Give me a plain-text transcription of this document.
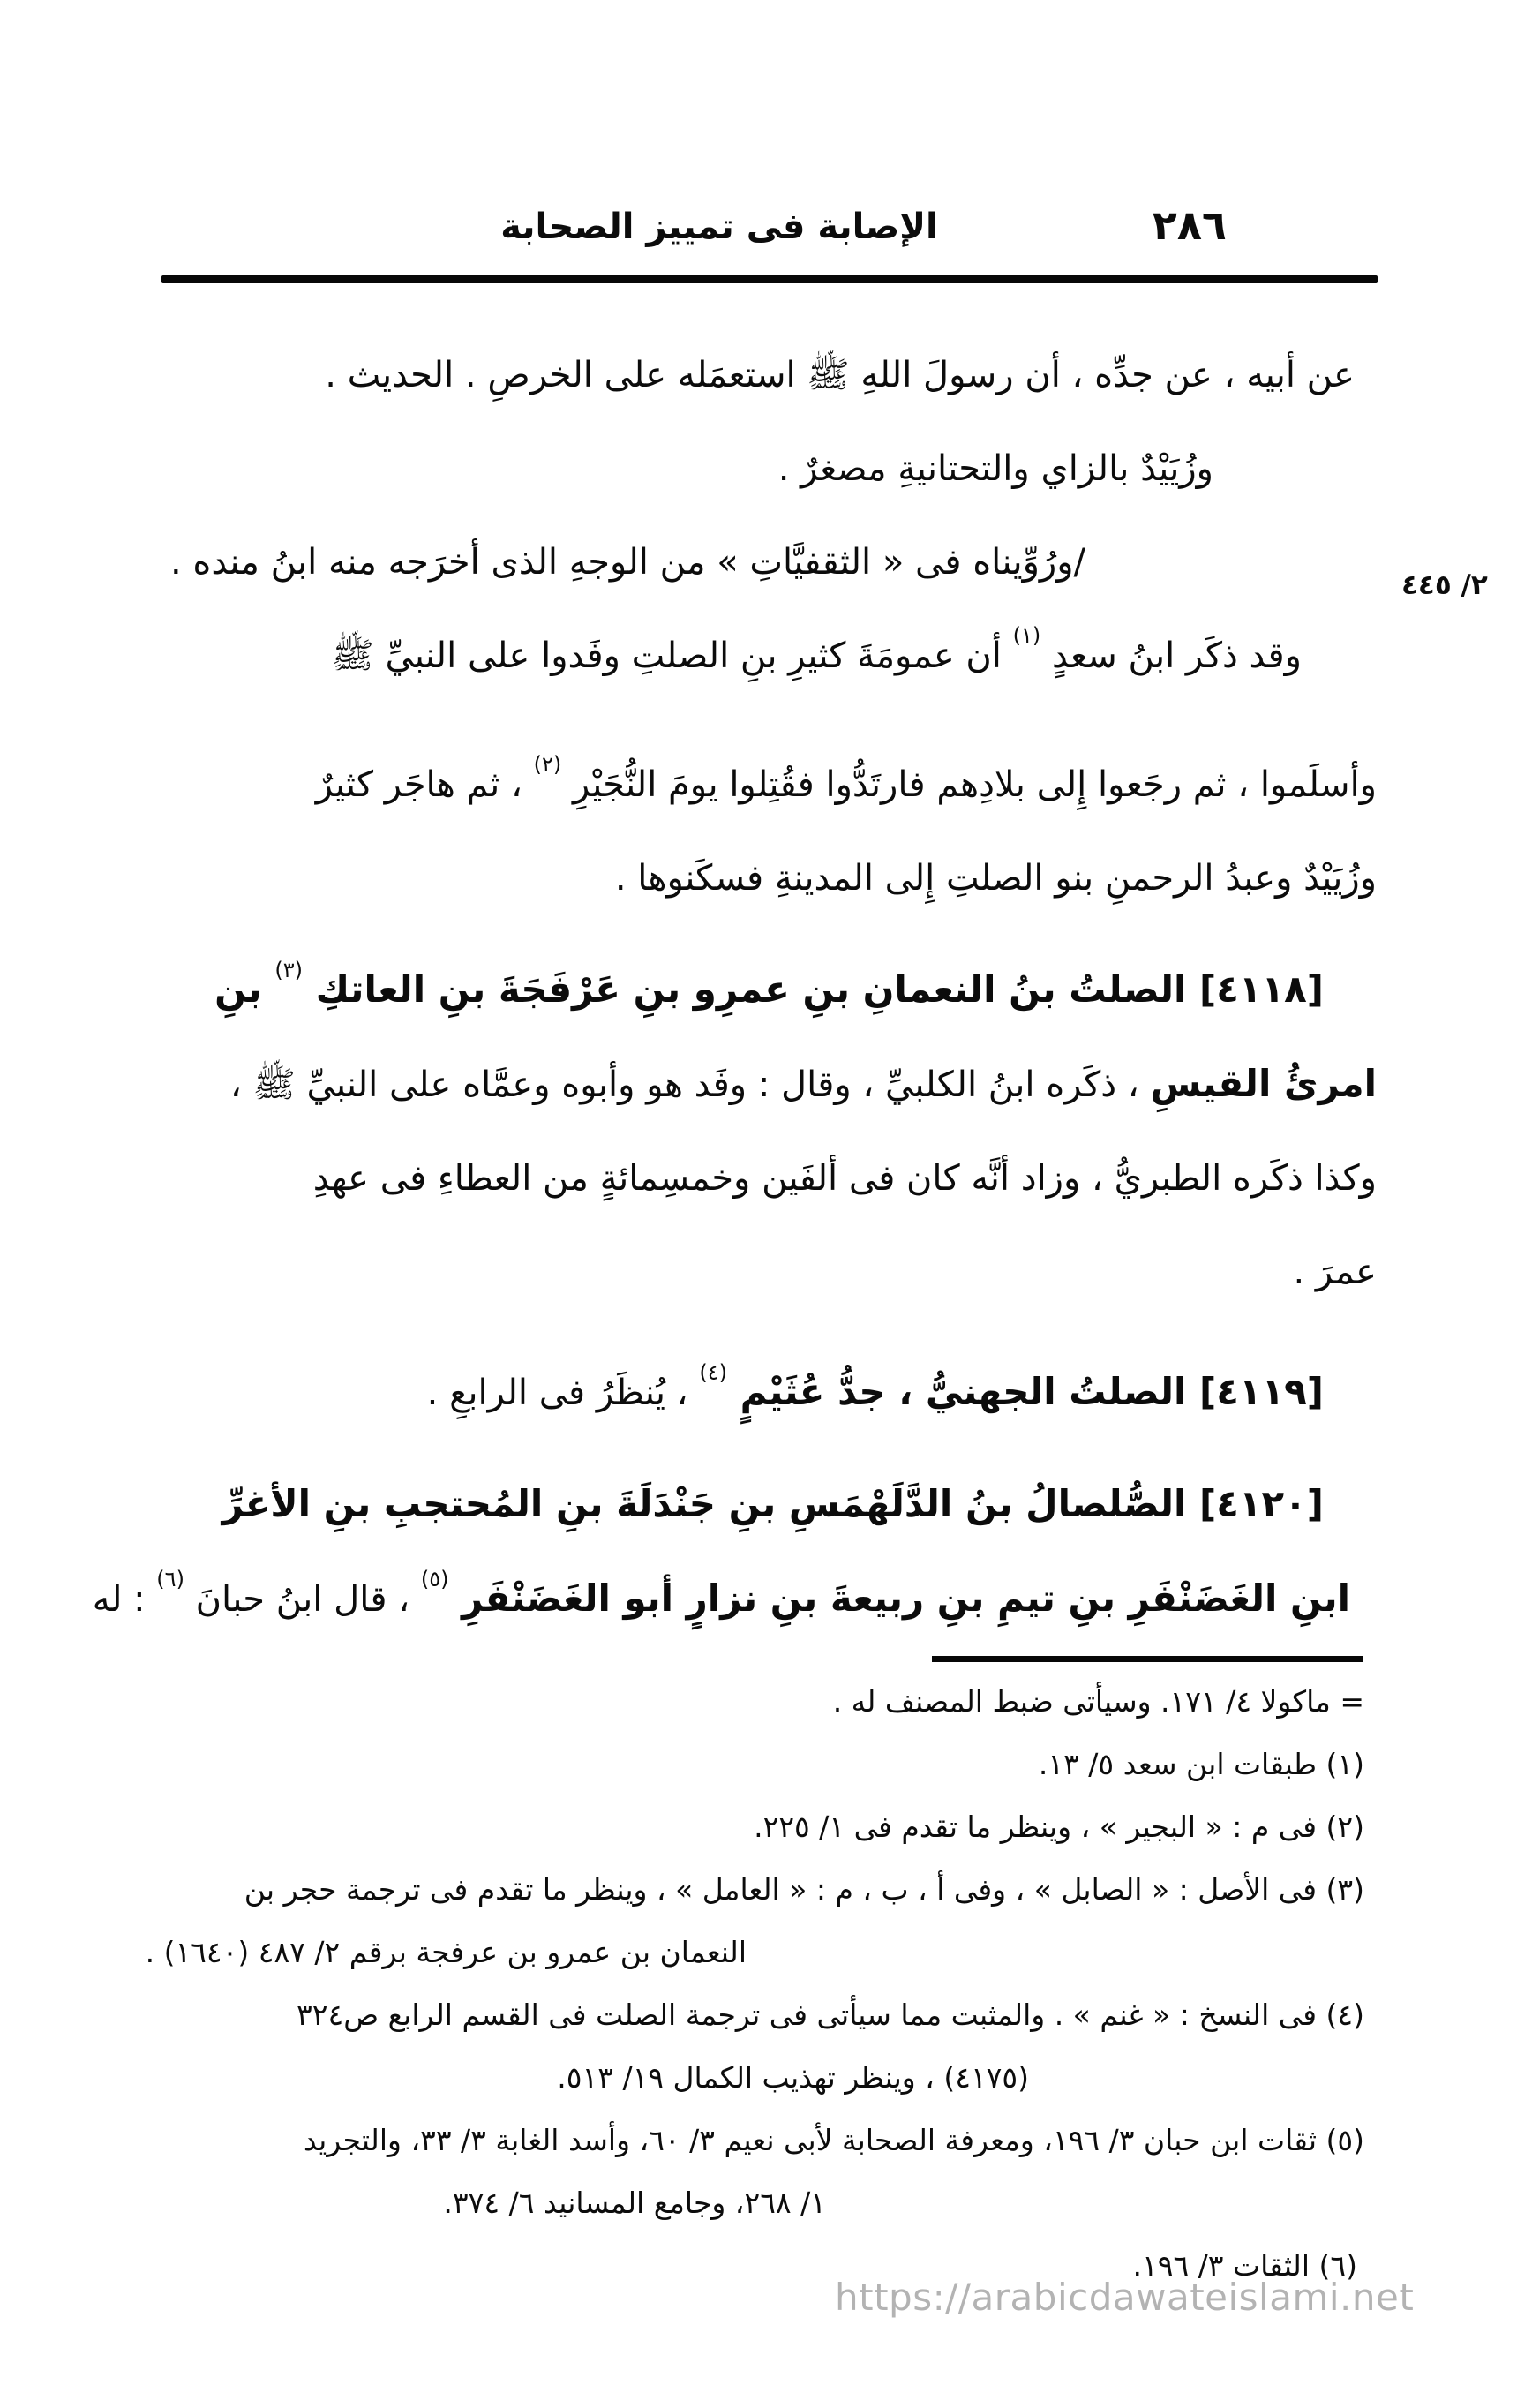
٢٨٦
الإصابة فى تمييز الصحابة
٢/ ٤٤٥
عن أبيه ، عن جدِّه ، أن رسولَ اللهِ ﷺ استعمَله على الخرصِ . الحديث .
وزُيَيْدٌ بالزاي والتحتانيةِ مصغرٌ .
/ورُوِّيناه فى « الثقفيَّاتِ » من الوجهِ الذى أخرَجه منه ابنُ منده .
وقد ذكَر ابنُ سعدٍ $^{(١)}$ أن عمومَةَ كثيرِ بنِ الصلتِ وفَدوا على النبيِّ ﷺ
وأسلَموا ، ثم رجَعوا إِلى بلادِهم فارتَدُّوا فقُتِلوا يومَ النُّجَيْرِ $^{(٢)}$ ، ثم هاجَر كثيرٌ
وزُيَيْدٌ وعبدُ الرحمنِ بنو الصلتِ إِلى المدينةِ فسكَنوها .
[٤١١٨] الصلتُ بنُ النعمانِ بنِ عمرِو بنِ عَرْفَجَةَ بنِ العاتكِ $^{(٣)}$ بنِ
امرئُ القيسِ ، ذكَره ابنُ الكلبيِّ ، وقال : وفَد هو وأبوه وعمَّاه على النبيِّ ﷺ ،
وكذا ذكَره الطبريُّ ، وزاد أنَّه كان فى ألفَين وخمسِمائةٍ من العطاءِ فى عهدِ
عمرَ .
[٤١١٩] الصلتُ الجهنيُّ ، جدُّ عُثَيْمٍ $^{(٤)}$ ، يُنظَرُ فى الرابعِ .
[٤١٢٠] الصُّلصالُ بنُ الدَّلَهْمَسِ بنِ جَنْدَلَةَ بنِ المُحتجبِ بنِ الأغرِّ
ابنِ الغَضَنْفَرِ بنِ تيمِ بنِ ربيعةَ بنِ نزارٍ أبو الغَضَنْفَرِ $^{(٥)}$ ، قال ابنُ حبانَ $^{(٦)}$ : له
= ماكولا ٤/ ١٧١. وسيأتى ضبط المصنف له .
(١) طبقات ابن سعد ٥/ ١٣.
(٢) فى م : « البجير » ، وينظر ما تقدم فى ١/ ٢٢٥.
(٣) فى الأصل : « الصابل » ، وفى أ ، ب ، م : « العامل » ، وينظر ما تقدم فى ترجمة حجر بن
النعمان بن عمرو بن عرفجة برقم ٢/ ٤٨٧ (١٦٤٠) .
(٤) فى النسخ : « غنم » . والمثبت مما سيأتى فى ترجمة الصلت فى القسم الرابع ص٣٢٤
(٤١٧٥) ، وينظر تهذيب الكمال ١٩/ ٥١٣.
(٥) ثقات ابن حبان ٣/ ١٩٦، ومعرفة الصحابة لأبى نعيم ٣/ ٦٠، وأسد الغابة ٣/ ٣٣، والتجريد
١/ ٢٦٨، وجامع المسانيد ٦/ ٣٧٤.
(٦) الثقات ٣/ ١٩٦.
https://arabicdawateislami.net
